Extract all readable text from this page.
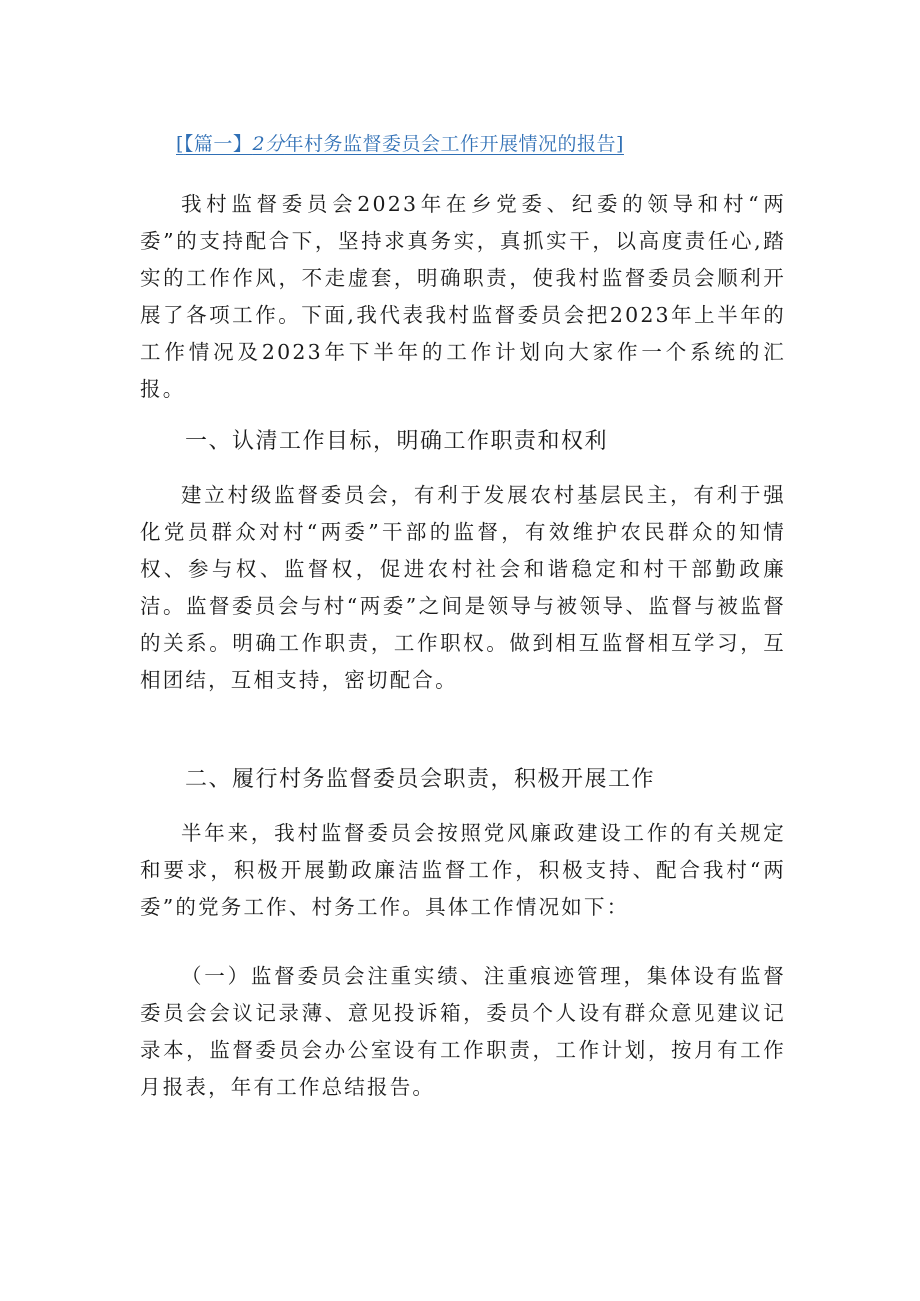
[【篇一】2分年村务监督委员会工作开展情况的报告]

我村监督委员会2023年在乡党委、纪委的领导和村“两委”的支持配合下，坚持求真务实，真抓实干，以高度责任心,踏实的工作作风，不走虚套，明确职责，使我村监督委员会顺利开展了各项工作。下面,我代表我村监督委员会把2023年上半年的工作情况及2023年下半年的工作计划向大家作一个系统的汇报。

一、认清工作目标，明确工作职责和权利

建立村级监督委员会，有利于发展农村基层民主，有利于强化党员群众对村“两委”干部的监督，有效维护农民群众的知情权、参与权、监督权，促进农村社会和谐稳定和村干部勤政廉洁。监督委员会与村“两委”之间是领导与被领导、监督与被监督的关系。明确工作职责，工作职权。做到相互监督相互学习，互相团结，互相支持，密切配合。

二、履行村务监督委员会职责，积极开展工作

半年来，我村监督委员会按照党风廉政建设工作的有关规定和要求，积极开展勤政廉洁监督工作，积极支持、配合我村“两委”的党务工作、村务工作。具体工作情况如下：

（一）监督委员会注重实绩、注重痕迹管理，集体设有监督委员会会议记录薄、意见投诉箱，委员个人设有群众意见建议记录本，监督委员会办公室设有工作职责，工作计划，按月有工作月报表，年有工作总结报告。
